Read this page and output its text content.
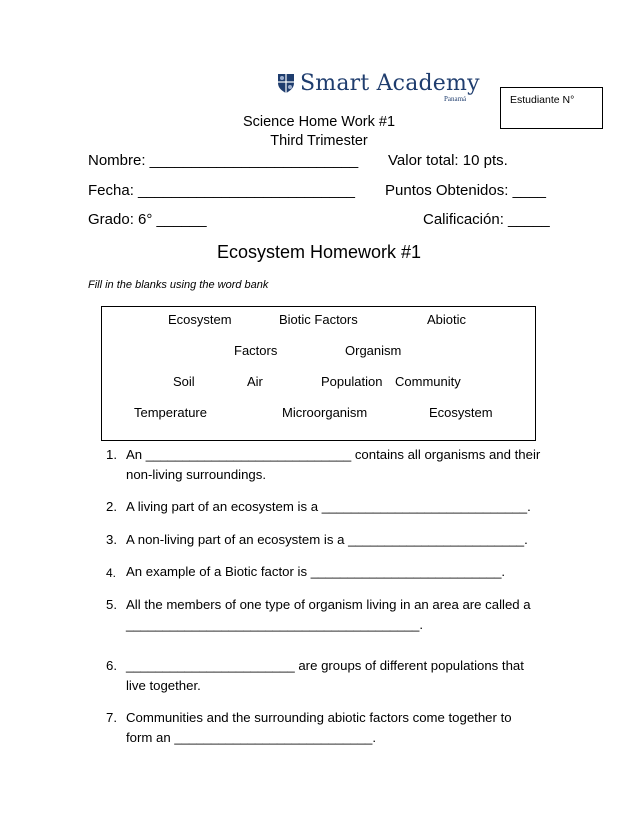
Smart Academy
Panamá	Estudiante N°
Science Home Work #1
Third Trimester
Nombre: _________________________ Valor total: 10 pts.
Fecha: __________________________ Puntos Obtenidos: ____
Grado: 6° ______	Calificación: _____
Ecosystem Homework #1
Fill in the blanks using the word bank
Ecosystem	Biotic Factors	Abiotic
Factors	Organism
Soil	Air	Population Community
Temperature	Microorganism	Ecosystem
1. An ____________________________ contains all organisms and their
non-living surroundings.
2. A living part of an ecosystem is a ____________________________.
3. A non-living part of an ecosystem is a ________________________.
4. An example of a Biotic factor is __________________________.
5. All the members of one type of organism living in an area are called a
________________________________________.
6. _______________________ are groups of different populations that
live together.
7. Communities and the surrounding abiotic factors come together to
form an ___________________________.
